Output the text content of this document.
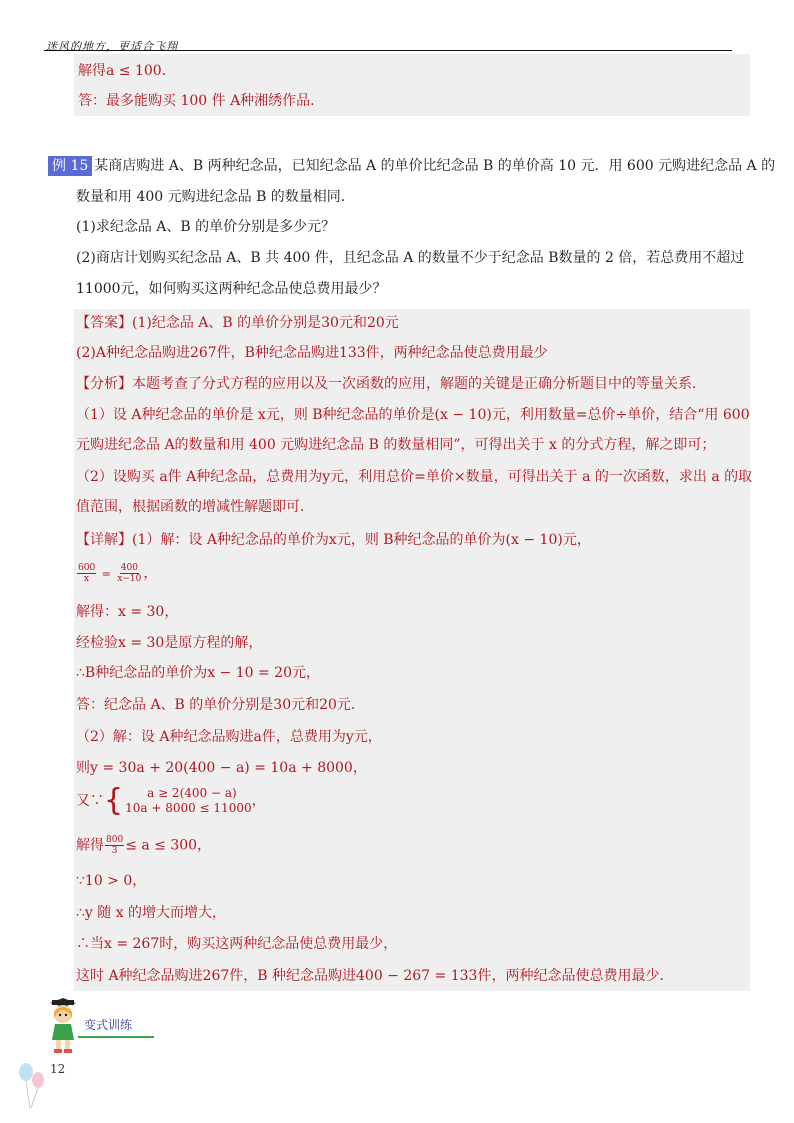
迷风的地方，更适合飞翔
解得a ≤ 100．
答：最多能购买 100 件 A种湘绣作品．
例 15 某商店购进 A、B 两种纪念品，已知纪念品 A 的单价比纪念品 B 的单价高 10 元．用 600 元购进纪念品 A 的
数量和用 400 元购进纪念品 B 的数量相同．
(1)求纪念品 A、B 的单价分别是多少元？
(2)商店计划购买纪念品 A、B 共 400 件，且纪念品 A 的数量不少于纪念品 B数量的 2 倍，若总费用不超过
11000元，如何购买这两种纪念品使总费用最少？
【答案】(1)纪念品 A、B 的单价分别是30元和20元
(2)A种纪念品购进267件，B种纪念品购进133件，两种纪念品使总费用最少
【分析】本题考查了分式方程的应用以及一次函数的应用，解题的关键是正确分析题目中的等量关系．
（1）设 A种纪念品的单价是 x元，则 B种纪念品的单价是(x − 10)元，利用数量=总价÷单价，结合“用 600
元购进纪念品 A的数量和用 400 元购进纪念品 B 的数量相同”，可得出关于 x 的分式方程，解之即可；
（2）设购买 a件 A种纪念品，总费用为y元，利用总价=单价×数量，可得出关于 a 的一次函数，求出 a 的取
值范围，根据函数的增减性解题即可．
【详解】(1）解：设 A种纪念品的单价为x元，则 B种纪念品的单价为(x − 10)元，
$\frac{600}{x} = \frac{400}{x-10}$ ，
解得：x = 30，
经检验x = 30是原方程的解，
∴B种纪念品的单价为x − 10 = 20元，
答：纪念品 A、B 的单价分别是30元和20元．
（2）解：设 A种纪念品购进a件，总费用为y元，
则y = 30a + 20(400 − a) = 10a + 8000，
又∵ {	a ≥ 2(400 − a)
10a + 8000 ≤ 11000 ，
解得 $\frac{800}{3} \le a \le 300$，
∵10 > 0，
∴y 随 x 的增大而增大，
∴当x = 267时，购买这两种纪念品使总费用最少，
这时 A种纪念品购进267件，B 种纪念品购进400 − 267 = 133件，两种纪念品使总费用最少．
变式训练
12
